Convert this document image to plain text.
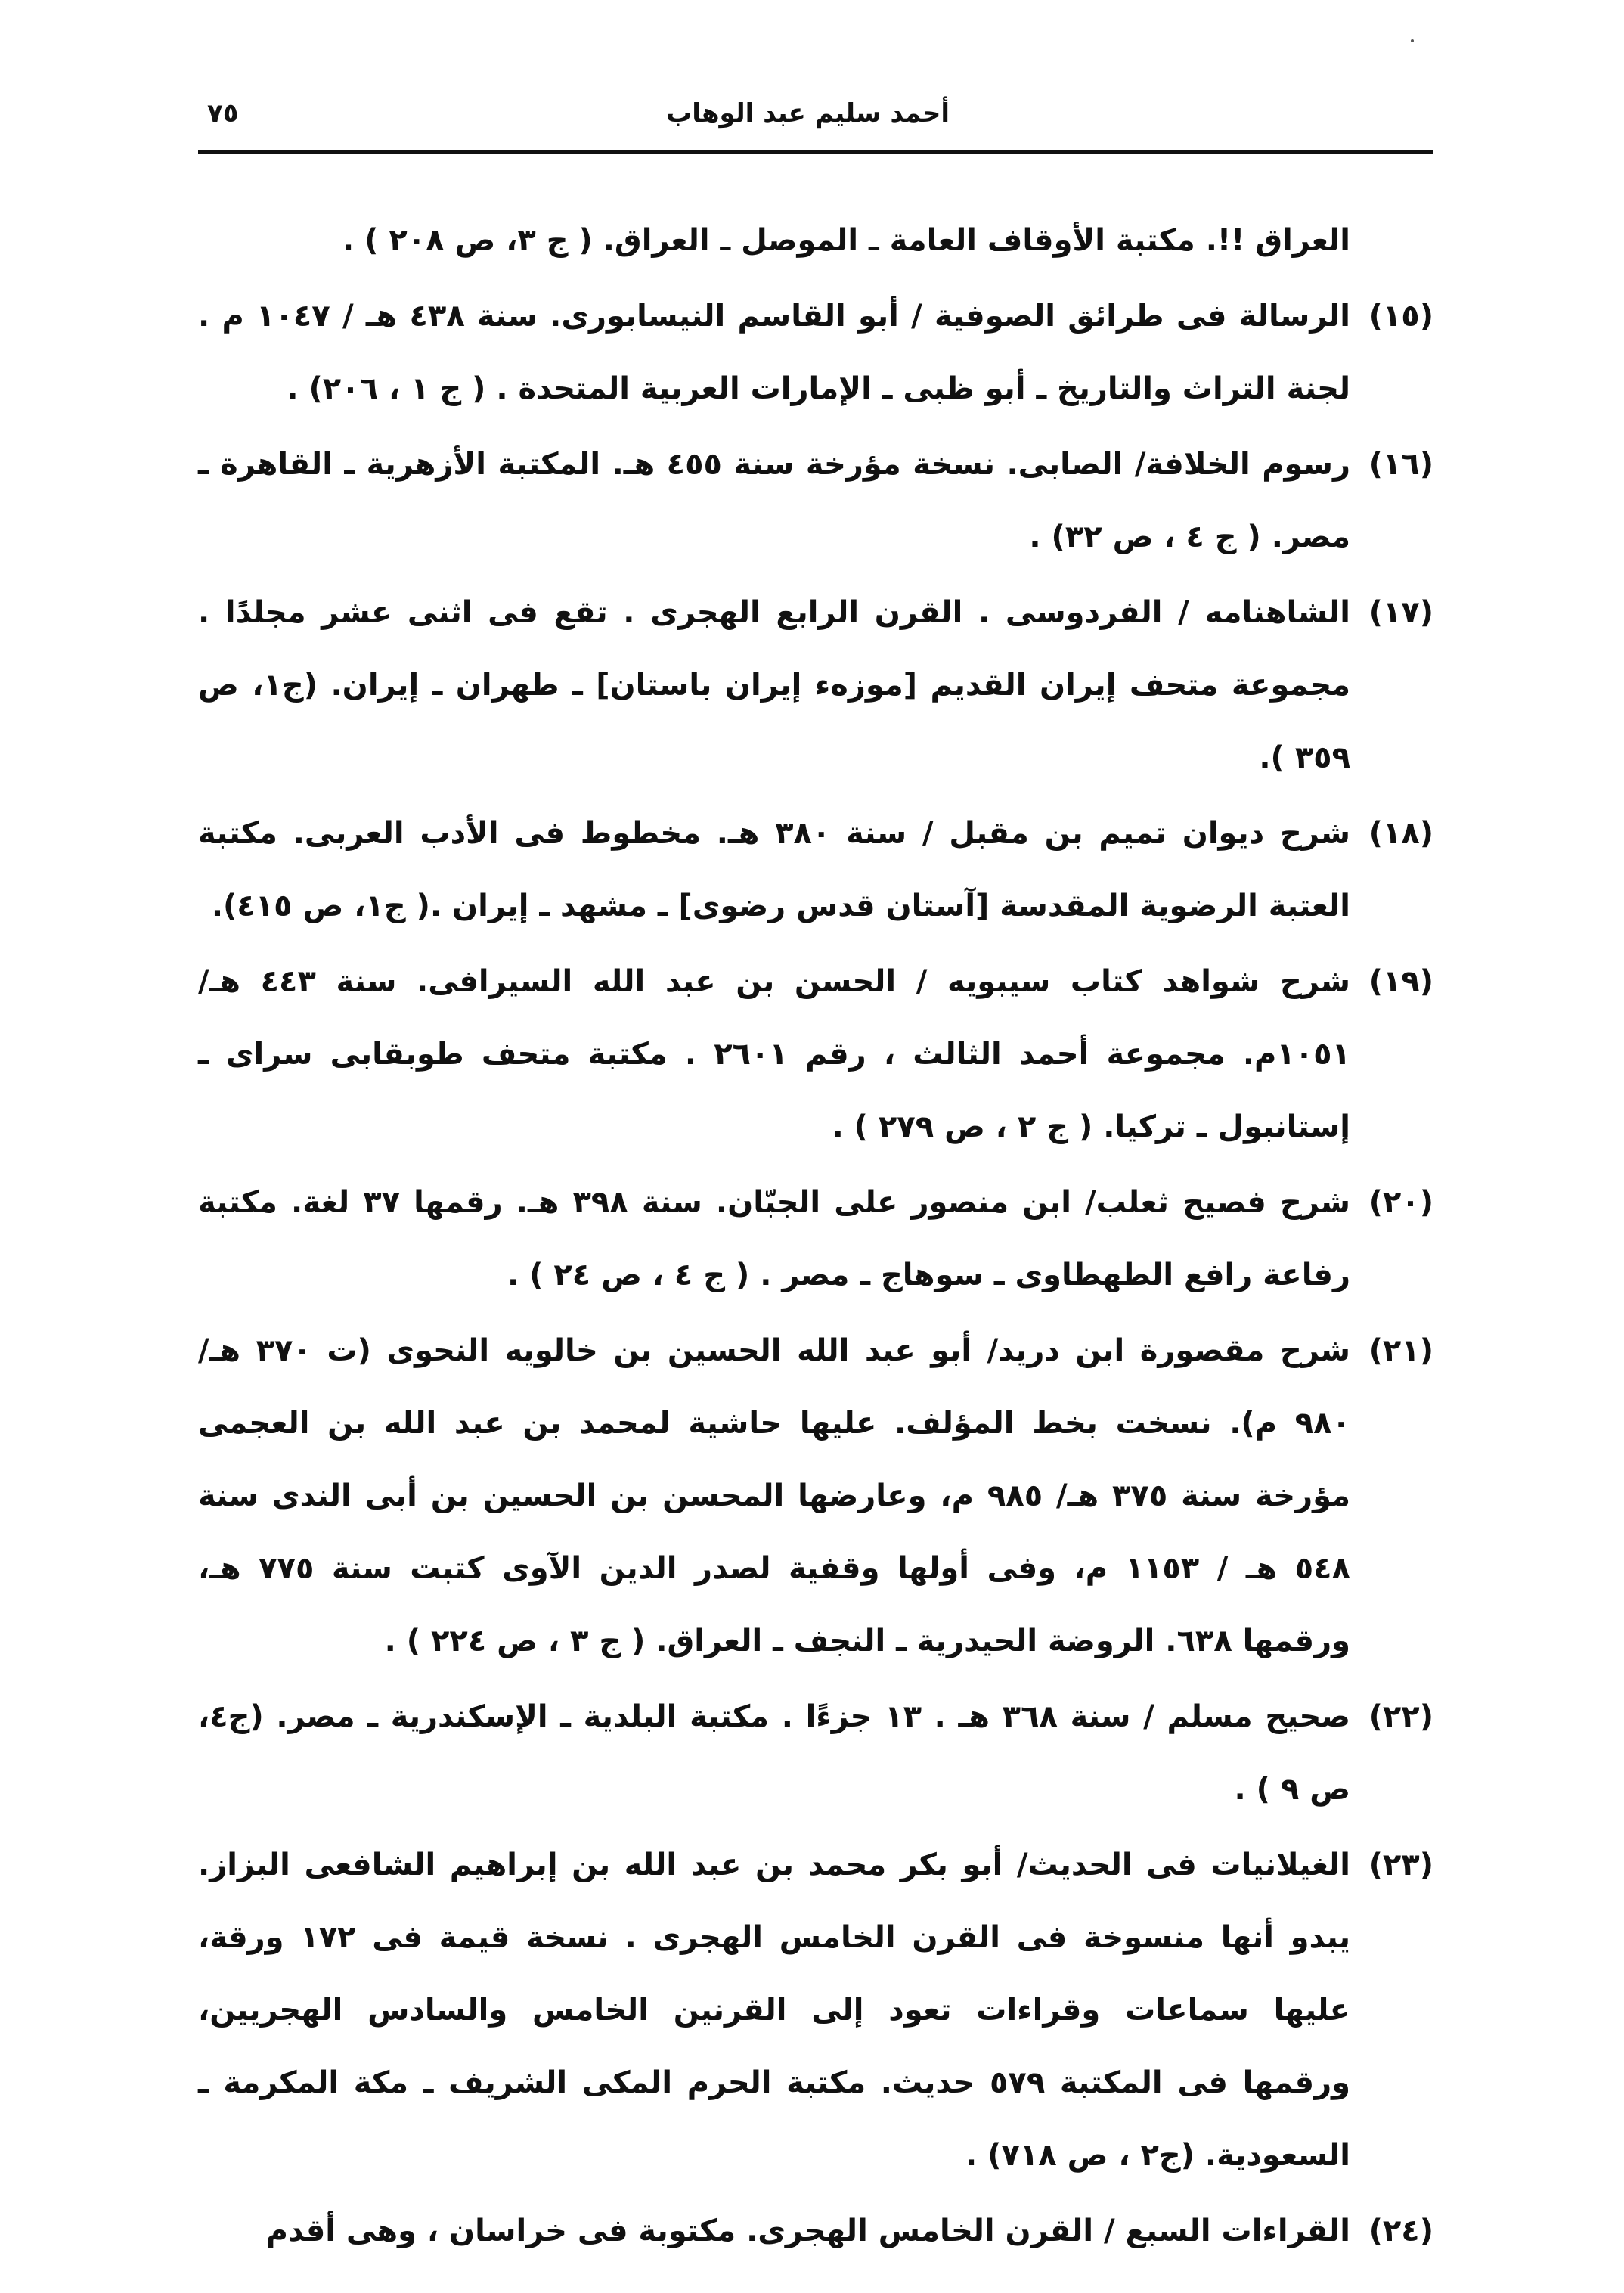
أحمد سليم عبد الوهاب
٧٥
العراق !!. مكتبة الأوقاف العامة ـ الموصل ـ العراق. ( ج ٣، ص ٢٠٨ ) .
(١٥)
الرسالة فى طرائق الصوفية / أبو القاسم النيسابورى. سنة ٤٣٨ هـ / ١٠٤٧ م . لجنة التراث والتاريخ ـ أبو ظبى ـ الإمارات العربية المتحدة . ( ج ١ ، ٢٠٦) .
(١٦)
رسوم الخلافة/ الصابى. نسخة مؤرخة سنة ٤٥٥ هـ. المكتبة الأزهرية ـ القاهرة ـ مصر. ( ج ٤ ، ص ٣٢) .
(١٧)
الشاهنامه / الفردوسى . القرن الرابع الهجرى . تقع فى اثنى عشر مجلدًا . مجموعة متحف إيران القديم [موزه‌ء إيران باستان] ـ طهران ـ إيران. (ج١، ص ٣٥٩ ).
(١٨)
شرح ديوان تميم بن مقبل / سنة ٣٨٠ هـ. مخطوط فى الأدب العربى. مكتبة العتبة الرضوية المقدسة [آستان قدس رضوى] ـ مشهد ـ إيران .( ج١، ص ٤١٥).
(١٩)
شرح شواهد كتاب سيبويه / الحسن بن عبد الله السيرافى. سنة ٤٤٣ هـ/ ١٠٥١م. مجموعة أحمد الثالث ، رقم ٢٦٠١ . مكتبة متحف طوبقابى سراى ـ إستانبول ـ تركيا. ( ج ٢ ، ص ٢٧٩ ) .
(٢٠)
شرح فصيح ثعلب/ ابن منصور على الجبّان. سنة ٣٩٨ هـ. رقمها ٣٧ لغة. مكتبة رفاعة رافع الطهطاوى ـ سوهاج ـ مصر . ( ج ٤ ، ص ٢٤ ) .
(٢١)
شرح مقصورة ابن دريد/ أبو عبد الله الحسين بن خالويه النحوى (ت ٣٧٠ هـ/ ٩٨٠ م). نسخت بخط المؤلف. عليها حاشية لمحمد بن عبد الله بن العجمى مؤرخة سنة ٣٧٥ هـ/ ٩٨٥ م، وعارضها المحسن بن الحسين بن أبى الندى سنة ٥٤٨ هـ / ١١٥٣ م، وفى أولها وقفية لصدر الدين الآوى كتبت سنة ٧٧٥ هـ، ورقمها ٦٣٨. الروضة الحيدرية ـ النجف ـ العراق. ( ج ٣ ، ص ٢٢٤ ) .
(٢٢)
صحيح مسلم / سنة ٣٦٨ هـ . ١٣ جزءًا . مكتبة البلدية ـ الإسكندرية ـ مصر. (ج٤، ص ٩ ) .
(٢٣)
الغيلانيات فى الحديث/ أبو بكر محمد بن عبد الله بن إبراهيم الشافعى البزاز. يبدو أنها منسوخة فى القرن الخامس الهجرى . نسخة قيمة فى ١٧٢ ورقة، عليها سماعات وقراءات تعود إلى القرنين الخامس والسادس الهجريين، ورقمها فى المكتبة ٥٧٩ حديث. مكتبة الحرم المكى الشريف ـ مكة المكرمة ـ السعودية. (ج٢ ، ص ٧١٨) .
(٢٤)
القراءات السبع / القرن الخامس الهجرى. مكتوبة فى خراسان ، وهى أقدم
